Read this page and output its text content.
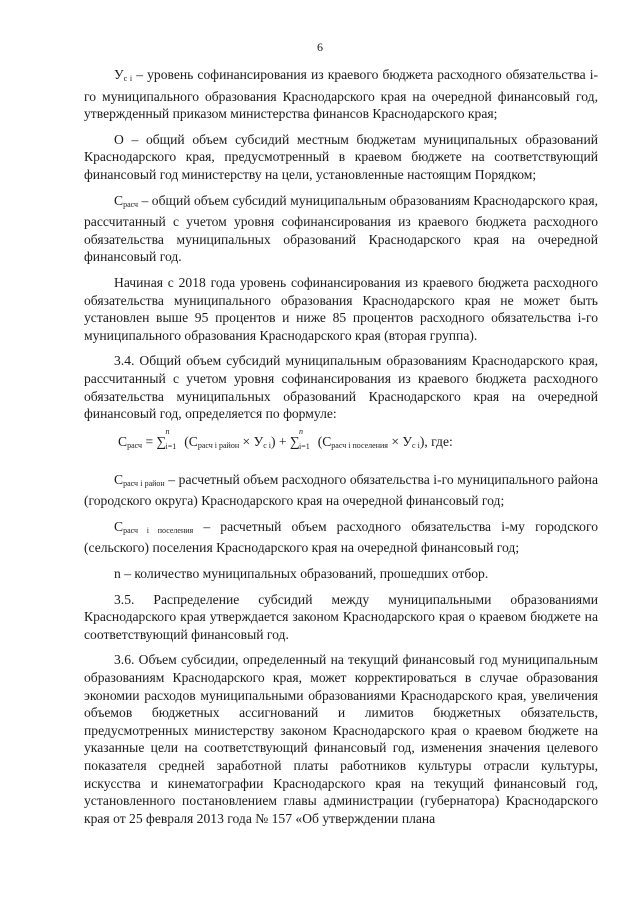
6

$У_{с i}$ – уровень софинансирования из краевого бюджета расходного обязательства i-го муниципального образования Краснодарского края на очередной финансовый год, утвержденный приказом министерства финансов Краснодарского края;

О – общий объем субсидий местным бюджетам муниципальных образований Краснодарского края, предусмотренный в краевом бюджете на соответствующий финансовый год министерству на цели, установленные настоящим Порядком;

$С_{расч}$ – общий объем субсидий муниципальным образованиям Краснодарского края, рассчитанный с учетом уровня софинансирования из краевого бюджета расходного обязательства муниципальных образований Краснодарского края на очередной финансовый год.

Начиная с 2018 года уровень софинансирования из краевого бюджета расходного обязательства муниципального образования Краснодарского края не может быть установлен выше 95 процентов и ниже 85 процентов расходного обязательства i-го муниципального образования Краснодарского края (вторая группа).

3.4. Общий объем субсидий муниципальным образованиям Краснодарского края, рассчитанный с учетом уровня софинансирования из краевого бюджета расходного обязательства муниципальных образований Краснодарского края на очередной финансовый год, определяется по формуле:

$С_{расч}$ = ∑
n
i=1 $(С_{расч i район} \times У_{с i})$ + ∑
n
i=1 $(С_{расч i поселения} \times У_{с i})$, где:

$С_{расч i район}$ – расчетный объем расходного обязательства i-го муниципального района (городского округа) Краснодарского края на очередной финансовый год;

$С_{расч i поселения}$ – расчетный объем расходного обязательства i-му городского (сельского) поселения Краснодарского края на очередной финансовый год;

n – количество муниципальных образований, прошедших отбор.

3.5. Распределение субсидий между муниципальными образованиями Краснодарского края утверждается законом Краснодарского края о краевом бюджете на соответствующий финансовый год.

3.6. Объем субсидии, определенный на текущий финансовый год муниципальным образованиям Краснодарского края, может корректироваться в случае образования экономии расходов муниципальными образованиями Краснодарского края, увеличения объемов бюджетных ассигнований и лимитов бюджетных обязательств, предусмотренных министерству законом Краснодарского края о краевом бюджете на указанные цели на соответствующий финансовый год, изменения значения целевого показателя средней заработной платы работников культуры отрасли культуры, искусства и кинематографии Краснодарского края на текущий финансовый год, установленного постановлением главы администрации (губернатора) Краснодарского края от 25 февраля 2013 года № 157 «Об утверждении плана
